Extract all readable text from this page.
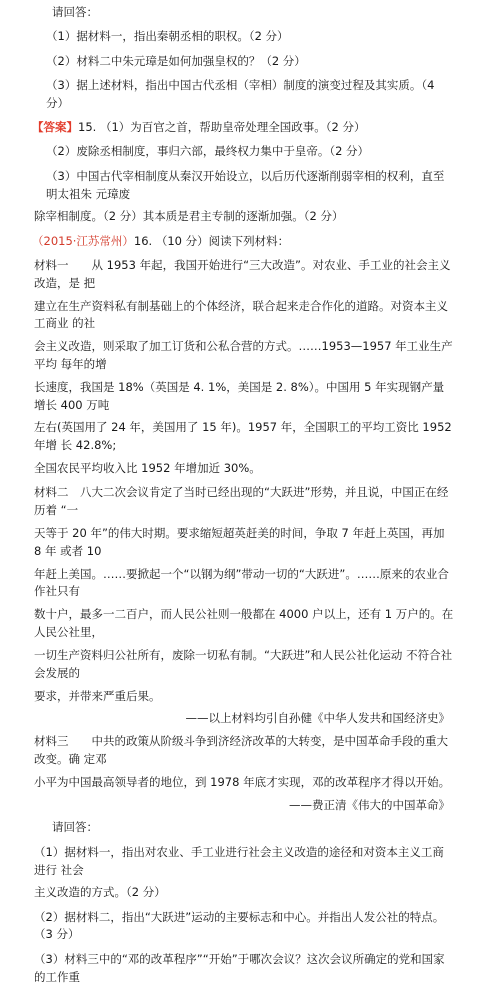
请回答：

（1）据材料一，指出秦朝丞相的职权。（2 分）

（2）材料二中朱元璋是如何加强皇权的？（2 分）

（3）据上述材料，指出中国古代丞相（宰相）制度的演变过程及其实质。（4 分）

【答案】15. （1）为百官之首，帮助皇帝处理全国政事。（2 分）

（2）废除丞相制度，事归六部，最终权力集中于皇帝。（2 分）

（3）中国古代宰相制度从秦汉开始设立，以后历代逐渐削弱宰相的权利，直至明太祖朱 元璋废

除宰相制度。（2 分）其本质是君主专制的逐渐加强。（2 分）

（2015·江苏常州）16. （10 分）阅读下列材料：

材料一　　从 1953 年起，我国开始进行“三大改造”。对农业、手工业的社会主义改造，是 把

建立在生产资料私有制基础上的个体经济，联合起来走合作化的道路。对资本主义工商业 的社

会主义改造，则采取了加工订货和公私合营的方式。……1953—1957 年工业生产平均 每年的增

长速度，我国是 18%（英国是 4. 1%，美国是 2. 8%）。中国用 5 年实现钢产量增长 400 万吨

左右(英国用了 24 年，美国用了 15 年)。1957 年，全国职工的平均工资比 1952 年增 长 42.8%;

全国农民平均收入比 1952 年增加近 30%。

材料二　八大二次会议肯定了当时已经出现的“大跃进”形势，并且说，中国正在经历着 “一

天等于 20 年”的伟大时期。要求缩短超英赶美的时间，争取 7 年赶上英国，再加 8 年 或者 10

年赶上美国。……要掀起一个“以钢为纲”带动一切的“大跃进”。……原来的农业合作社只有

数十户，最多一二百户，而人民公社则一般都在 4000 户以上，还有 1 万户的。在人民公社里，

一切生产资料归公社所有，废除一切私有制。“大跃进”和人民公社化运动 不符合社会发展的

要求，并带来严重后果。

——以上材料均引自孙健《中华人发共和国经济史》

材料三　　中共的政策从阶级斗争到济经济改革的大转变，是中国革命手段的重大改变。确 定邓

小平为中国最高领导者的地位，到 1978 年底才实现，邓的改革程序才得以开始。

——费正清《伟大的中国革命》

请回答：

（1）据材料一，指出对农业、手工业进行社会主义改造的途径和对资本主义工商进行 社会

主义改造的方式。（2 分）

（2）据材料二，指出“大跃进”运动的主要标志和中心。并指出人发公社的特点。（3 分）

（3）材料三中的“邓的改革程序”“开始”于哪次会议？这次会议所确定的党和国家的工作重
